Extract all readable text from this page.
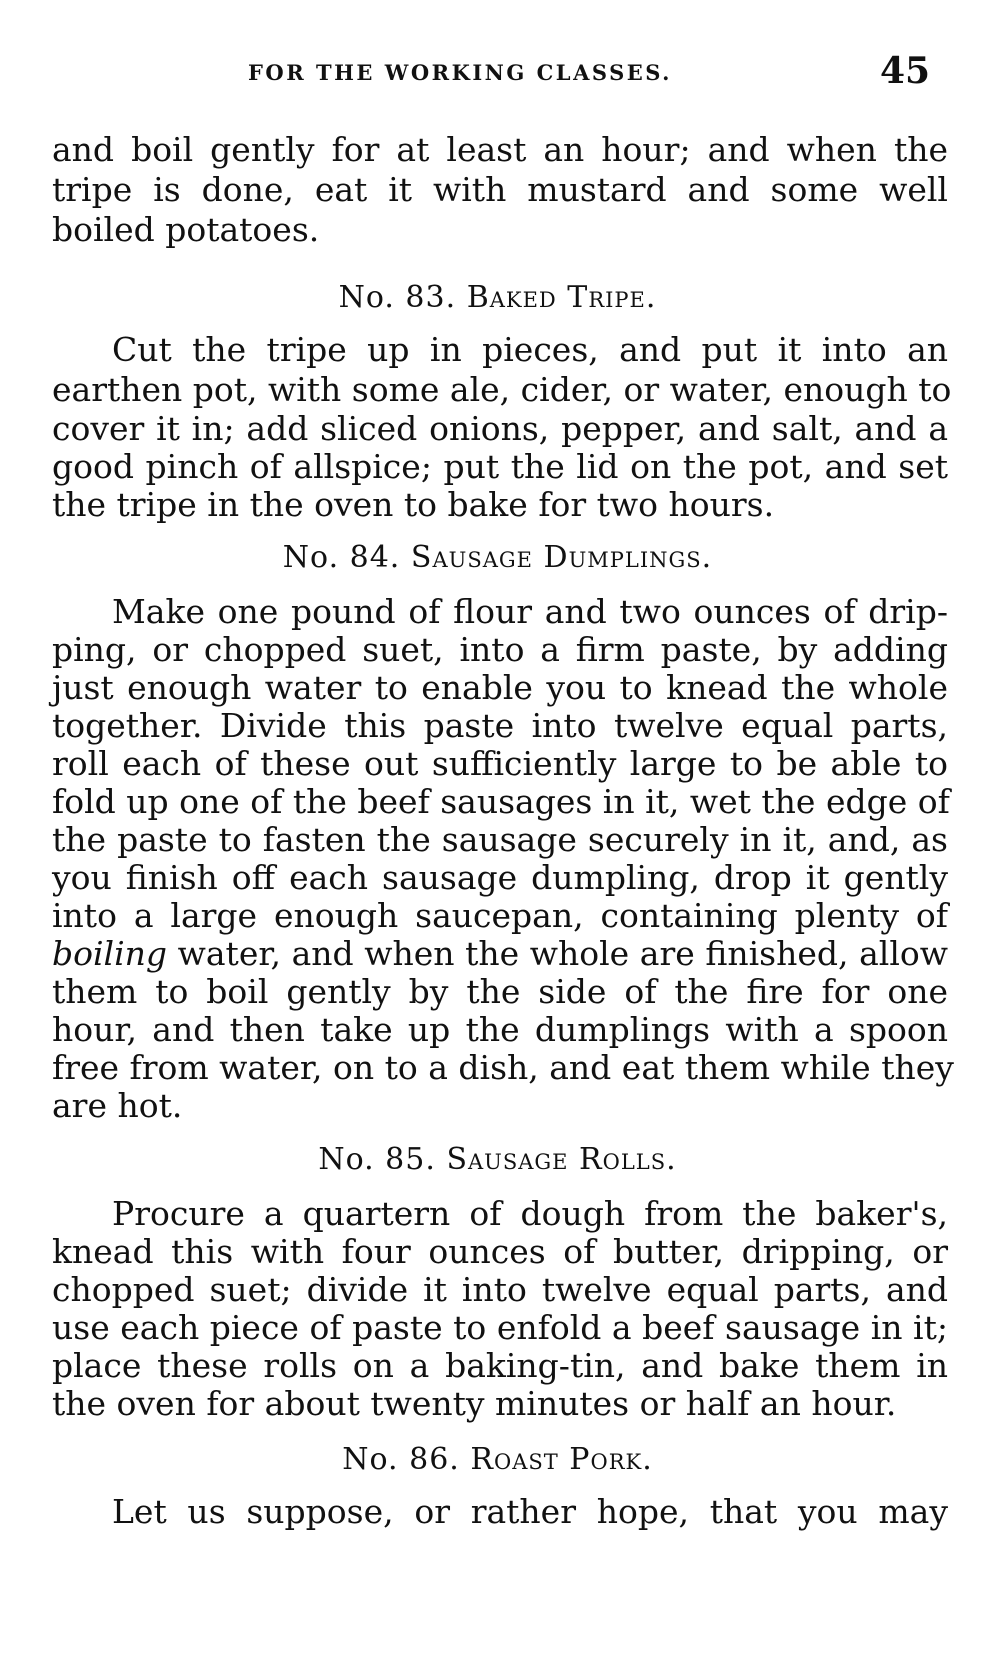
FOR THE WORKING CLASSES.	45
and boil gently for at least an hour; and when the
tripe is done, eat it with mustard and some well
boiled potatoes.
No. 83. Baked Tripe.
Cut the tripe up in pieces, and put it into an
earthen pot, with some ale, cider, or water, enough to
cover it in; add sliced onions, pepper, and salt, and a
good pinch of allspice; put the lid on the pot, and set
the tripe in the oven to bake for two hours.
No. 84. Sausage Dumplings.
Make one pound of flour and two ounces of drip-
ping, or chopped suet, into a firm paste, by adding
just enough water to enable you to knead the whole
together. Divide this paste into twelve equal parts,
roll each of these out sufficiently large to be able to
fold up one of the beef sausages in it, wet the edge of
the paste to fasten the sausage securely in it, and, as
you finish off each sausage dumpling, drop it gently
into a large enough saucepan, containing plenty of
boiling water, and when the whole are finished, allow
them to boil gently by the side of the fire for one
hour, and then take up the dumplings with a spoon
free from water, on to a dish, and eat them while they
are hot.
No. 85. Sausage Rolls.
Procure a quartern of dough from the baker's,
knead this with four ounces of butter, dripping, or
chopped suet; divide it into twelve equal parts, and
use each piece of paste to enfold a beef sausage in it;
place these rolls on a baking-tin, and bake them in
the oven for about twenty minutes or half an hour.
No. 86. Roast Pork.
Let us suppose, or rather hope, that you may
